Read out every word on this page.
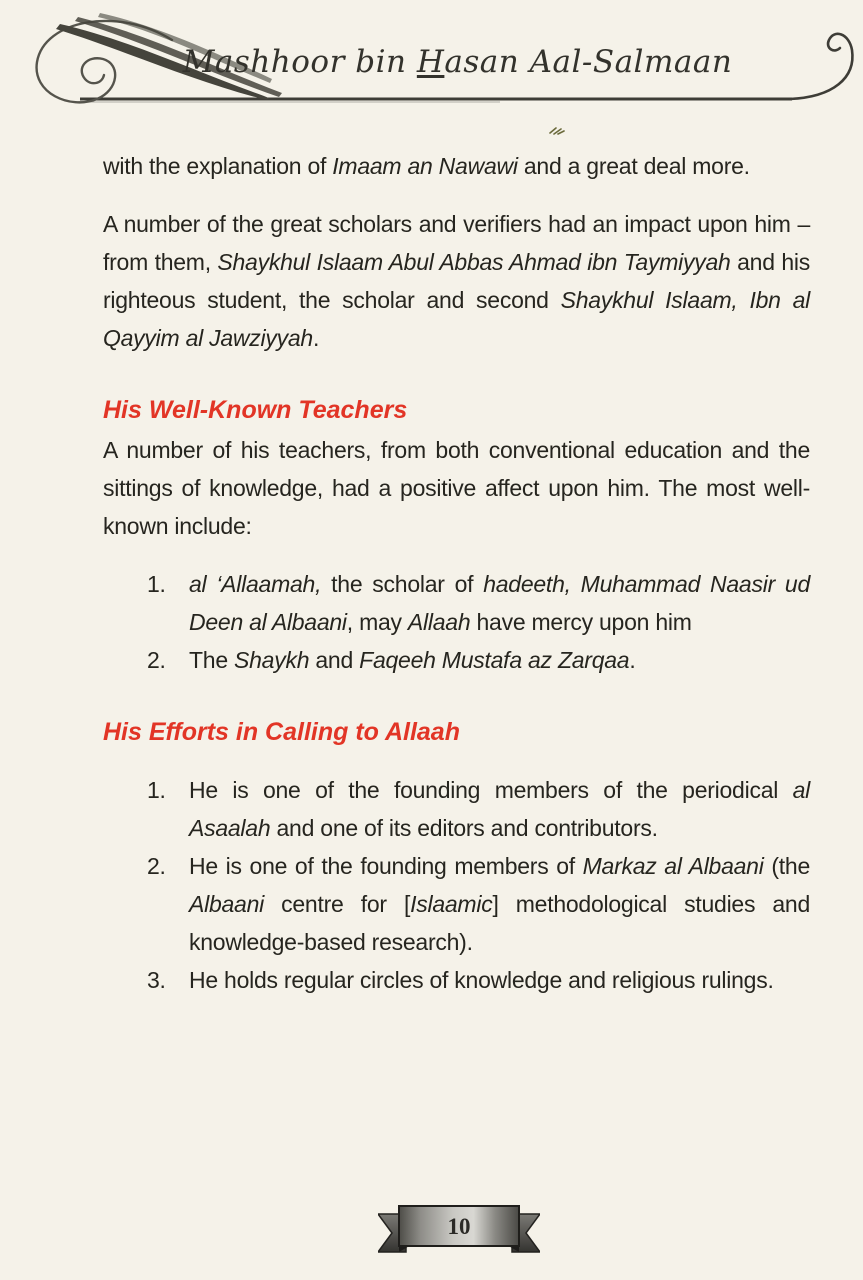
Mashhoor bin Hasan Aal-Salmaan

with the explanation of Imaam an Nawawi and a great deal more.

A number of the great scholars and verifiers had an impact upon him – from them, Shaykhul Islaam Abul Abbas Ahmad ibn Taymiyyah and his righteous student, the scholar and second Shaykhul Islaam, Ibn al Qayyim al Jawziyyah.

His Well-Known Teachers

A number of his teachers, from both conventional education and the sittings of knowledge, had a positive affect upon him. The most well-known include:

1.	al ‘Allaamah, the scholar of hadeeth, Muhammad Naasir ud Deen al Albaani, may Allaah have mercy upon him
2.	The Shaykh and Faqeeh Mustafa az Zarqaa.
His Efforts in Calling to Allaah
1.	He is one of the founding members of the periodical al Asaalah and one of its editors and contributors.
2.	He is one of the founding members of Markaz al Albaani (the Albaani centre for [Islaamic] methodological studies and knowledge-based research).
3.	He holds regular circles of knowledge and religious rulings.
10
